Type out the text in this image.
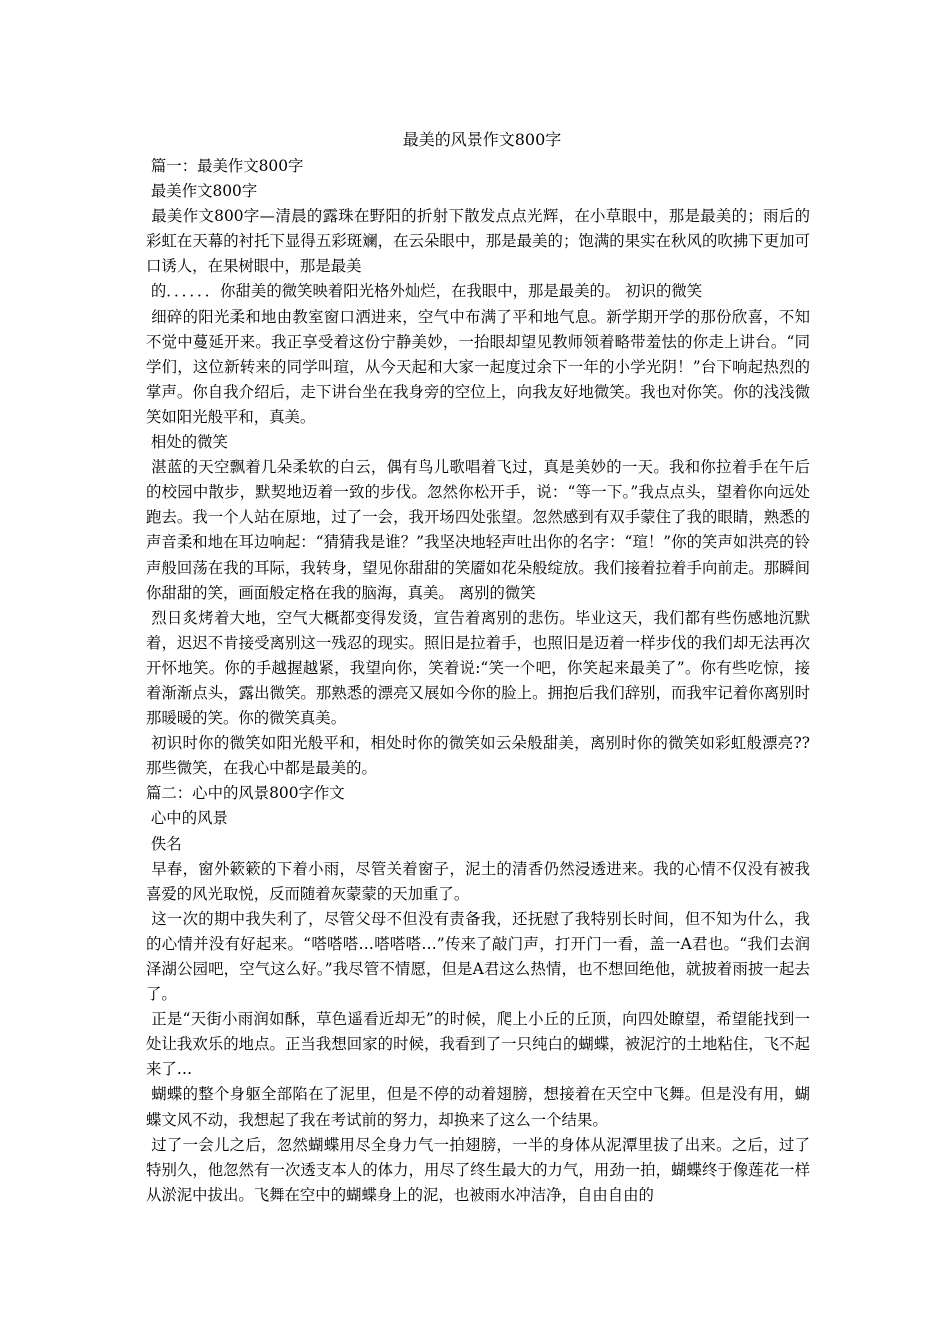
最美的风景作文800字
篇一：最美作文800字
最美作文800字
最美作文800字—清晨的露珠在野阳的折射下散发点点光辉，在小草眼中，那是最美的；雨后的彩虹在天幕的衬托下显得五彩斑斓，在云朵眼中，那是最美的；饱满的果实在秋风的吹拂下更加可口诱人，在果树眼中，那是最美
的．．．．．．你甜美的微笑映着阳光格外灿烂，在我眼中，那是最美的。 初识的微笑
细碎的阳光柔和地由教室窗口洒进来，空气中布满了平和地气息。新学期开学的那份欣喜，不知不觉中蔓延开来。我正享受着这份宁静美妙，一抬眼却望见教师领着略带羞怯的你走上讲台。“同学们，这位新转来的同学叫瑄，从今天起和大家一起度过余下一年的小学光阴！”台下响起热烈的掌声。你自我介绍后，走下讲台坐在我身旁的空位上，向我友好地微笑。我也对你笑。你的浅浅微笑如阳光般平和，真美。
相处的微笑
湛蓝的天空飘着几朵柔软的白云，偶有鸟儿歌唱着飞过，真是美妙的一天。我和你拉着手在午后的校园中散步，默契地迈着一致的步伐。忽然你松开手，说：“等一下。”我点点头，望着你向远处跑去。我一个人站在原地，过了一会，我开场四处张望。忽然感到有双手蒙住了我的眼睛，熟悉的声音柔和地在耳边响起：“猜猜我是谁？”我坚决地轻声吐出你的名字：“瑄！”你的笑声如洪亮的铃声般回荡在我的耳际，我转身，望见你甜甜的笑靥如花朵般绽放。我们接着拉着手向前走。那瞬间你甜甜的笑，画面般定格在我的脑海，真美。 离别的微笑
烈日炙烤着大地，空气大概都变得发烫，宣告着离别的悲伤。毕业这天，我们都有些伤感地沉默着，迟迟不肯接受离别这一残忍的现实。照旧是拉着手，也照旧是迈着一样步伐的我们却无法再次开怀地笑。你的手越握越紧，我望向你，笑着说:“笑一个吧，你笑起来最美了”。你有些吃惊，接着渐渐点头，露出微笑。那熟悉的漂亮又展如今你的脸上。拥抱后我们辞别，而我牢记着你离别时那暖暖的笑。你的微笑真美。
初识时你的微笑如阳光般平和，相处时你的微笑如云朵般甜美，离别时你的微笑如彩虹般漂亮??那些微笑，在我心中都是最美的。
篇二：心中的风景800字作文
心中的风景
佚名
早春，窗外簌簌的下着小雨，尽管关着窗子，泥土的清香仍然浸透进来。我的心情不仅没有被我喜爱的风光取悦，反而随着灰蒙蒙的天加重了。
这一次的期中我失利了，尽管父母不但没有责备我，还抚慰了我特别长时间，但不知为什么，我的心情并没有好起来。“嗒嗒嗒…嗒嗒嗒…”传来了敲门声，打开门一看，盖一A君也。“我们去润泽湖公园吧，空气这么好。”我尽管不情愿，但是A君这么热情，也不想回绝他，就披着雨披一起去了。
正是“天街小雨润如酥，草色遥看近却无”的时候，爬上小丘的丘顶，向四处瞭望，希望能找到一处让我欢乐的地点。正当我想回家的时候，我看到了一只纯白的蝴蝶，被泥泞的土地粘住，飞不起来了…
蝴蝶的整个身躯全部陷在了泥里，但是不停的动着翅膀，想接着在天空中飞舞。但是没有用，蝴蝶文风不动，我想起了我在考试前的努力，却换来了这么一个结果。
过了一会儿之后，忽然蝴蝶用尽全身力气一拍翅膀，一半的身体从泥潭里拔了出来。之后，过了特别久，他忽然有一次透支本人的体力，用尽了终生最大的力气，用劲一拍，蝴蝶终于像莲花一样从淤泥中拔出。飞舞在空中的蝴蝶身上的泥，也被雨水冲洁净，自由自由的
